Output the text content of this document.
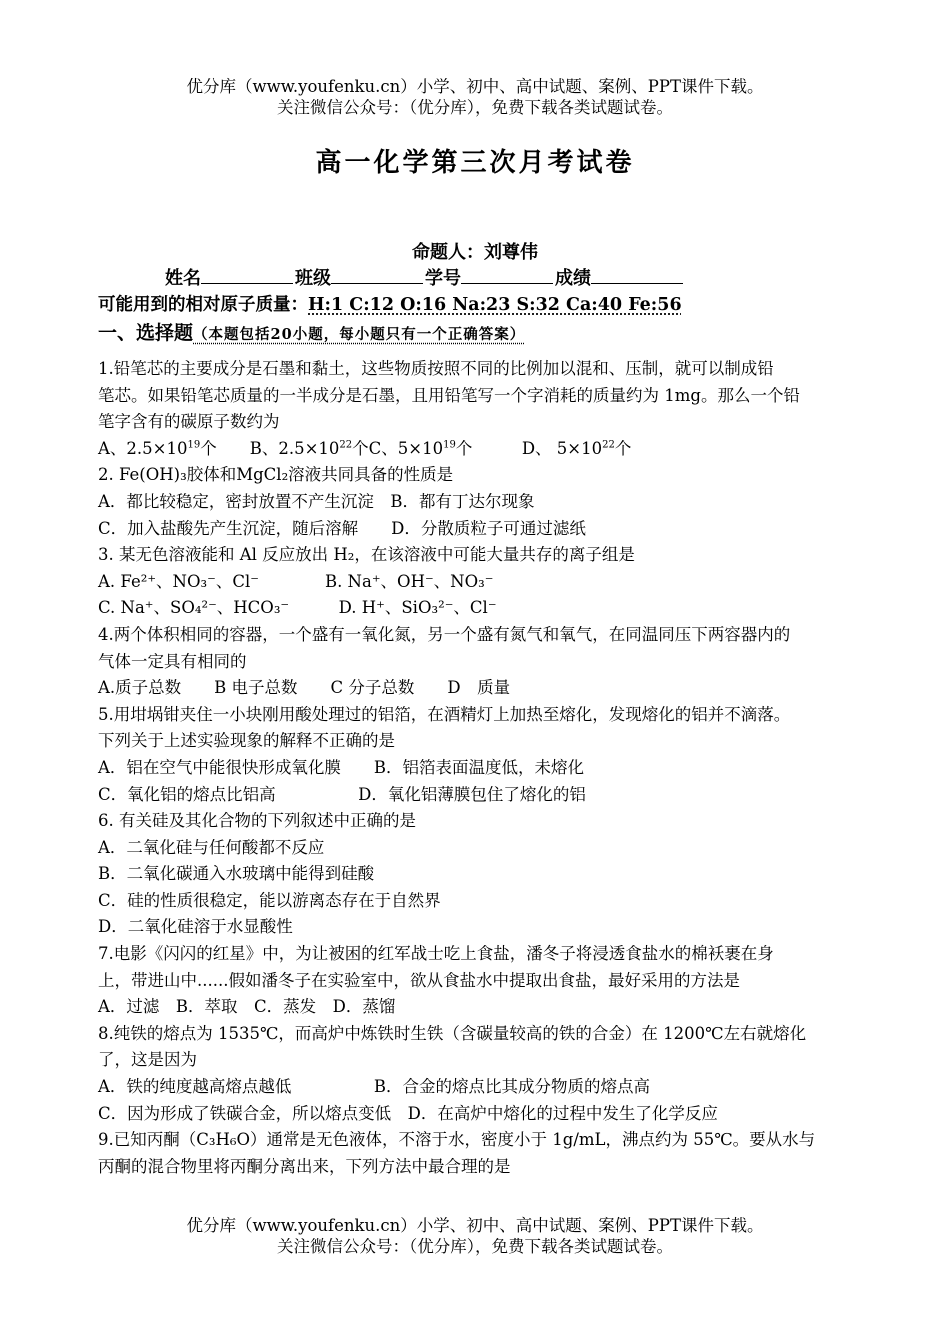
优分库（www.youfenku.cn）小学、初中、高中试题、案例、PPT课件下载。
关注微信公众号：（优分库），免费下载各类试题试卷。
高一化学第三次月考试卷
命题人：刘尊伟
姓名	班级	学号	成绩
可能用到的相对原子质量：H:1 C:12 O:16 Na:23 S:32 Ca:40 Fe:56
一、选择题（本题包括20小题，每小题只有一个正确答案）

1.铅笔芯的主要成分是石墨和黏土，这些物质按照不同的比例加以混和、压制，就可以制成铅

笔芯。如果铅笔芯质量的一半成分是石墨，且用铅笔写一个字消耗的质量约为 1mg。那么一个铅

笔字含有的碳原子数约为

A、$2.5\times 10^{19}$个　　 B、$2.5\times 10^{22}$个C、$5\times 10^{19}$个　　　	D、 $5\times 10^{22}$个

2. Fe(OH)₃胶体和MgCl₂溶液共同具备的性质是

A．都比较稳定，密封放置不产生沉淀　B．都有丁达尔现象

C．加入盐酸先产生沉淀，随后溶解　　D．分散质粒子可通过滤纸

3. 某无色溶液能和 Al 反应放出 H₂，在该溶液中可能大量共存的离子组是

A. Fe²⁺、NO₃⁻、Cl⁻　　　　B. Na⁺、OH⁻、NO₃⁻

C. Na⁺、SO₄²⁻、HCO₃⁻　　　D. H⁺、SiO₃²⁻、Cl⁻

4.两个体积相同的容器，一个盛有一氧化氮，另一个盛有氮气和氧气，在同温同压下两容器内的

气体一定具有相同的

A.质子总数　　B 电子总数　　C 分子总数　　D　质量

5.用坩埚钳夹住一小块刚用酸处理过的铝箔，在酒精灯上加热至熔化，发现熔化的铝并不滴落。

下列关于上述实验现象的解释不正确的是

A．铝在空气中能很快形成氧化膜　　B．铝箔表面温度低，未熔化

C．氧化铝的熔点比铝高　　　　　D．氧化铝薄膜包住了熔化的铝

6. 有关硅及其化合物的下列叙述中正确的是

A．二氧化硅与任何酸都不反应

B．二氧化碳通入水玻璃中能得到硅酸

C．硅的性质很稳定，能以游离态存在于自然界

D．二氧化硅溶于水显酸性

7.电影《闪闪的红星》中，为让被困的红军战士吃上食盐，潘冬子将浸透食盐水的棉袄裹在身

上，带进山中......假如潘冬子在实验室中，欲从食盐水中提取出食盐，最好采用的方法是

A．过滤　B．萃取　C．蒸发　D．蒸馏

8.纯铁的熔点为 1535℃，而高炉中炼铁时生铁（含碳量较高的铁的合金）在 1200℃左右就熔化

了，这是因为

A．铁的纯度越高熔点越低　　　　　B．合金的熔点比其成分物质的熔点高

C．因为形成了铁碳合金，所以熔点变低　D．在高炉中熔化的过程中发生了化学反应

9.已知丙酮（C₃H₆O）通常是无色液体，不溶于水，密度小于 1g/mL，沸点约为 55℃。要从水与

丙酮的混合物里将丙酮分离出来，下列方法中最合理的是

优分库（www.youfenku.cn）小学、初中、高中试题、案例、PPT课件下载。
关注微信公众号：（优分库），免费下载各类试题试卷。
